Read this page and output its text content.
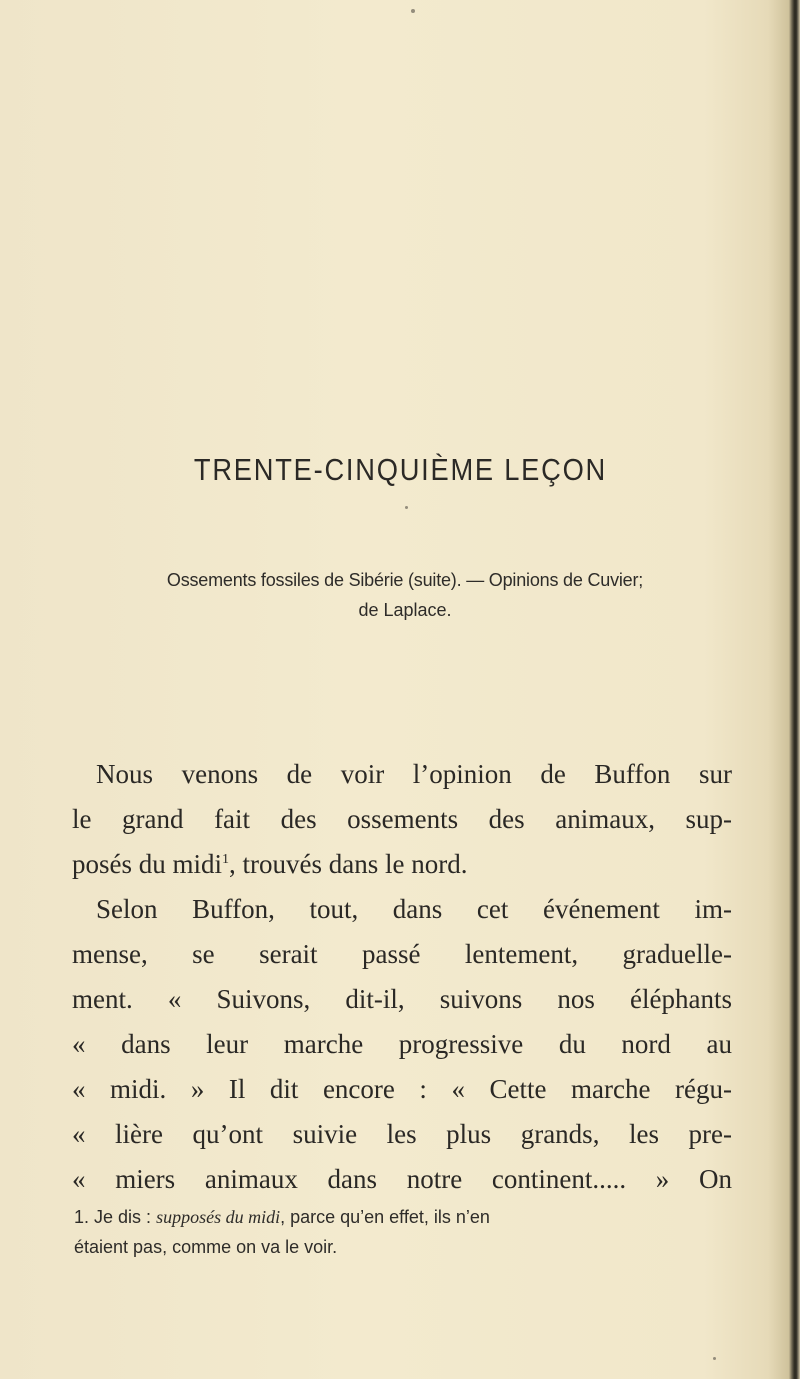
TRENTE-CINQUIÈME LEÇON

Ossements fossiles de Sibérie (suite). — Opinions de Cuvier;
de Laplace.

Nous venons de voir l’opinion de Buffon sur
le grand fait des ossements des animaux, sup-
posés du midi$^1$, trouvés dans le nord.
Selon Buffon, tout, dans cet événement im-
mense, se serait passé lentement, graduelle-
ment. « Suivons, dit-il, suivons nos éléphants
« dans leur marche progressive du nord au
« midi. » Il dit encore : « Cette marche régu-
« lière qu’ont suivie les plus grands, les pre-
« miers animaux dans notre continent..... » On
1. Je dis : supposés du midi, parce qu’en effet, ils n’en
étaient pas, comme on va le voir.
